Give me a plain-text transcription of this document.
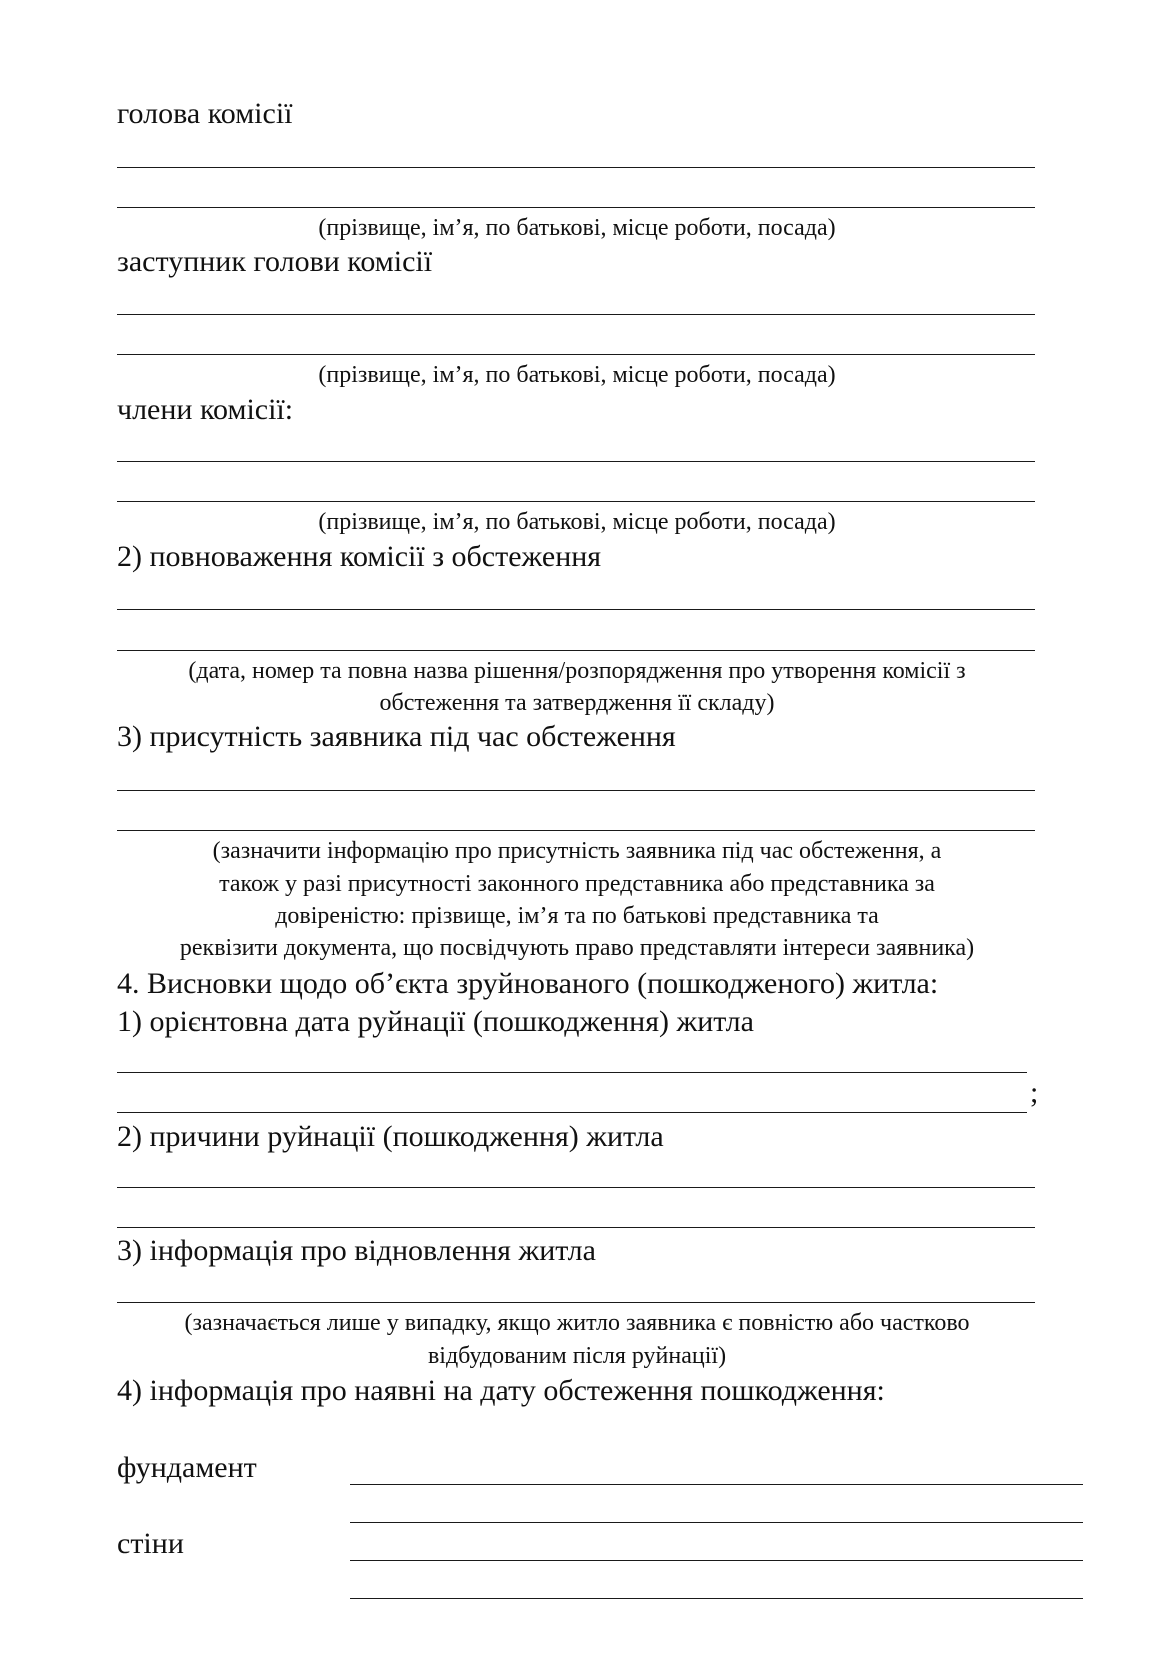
голова комісії
(прізвище, ім’я, по батькові, місце роботи, посада)
заступник голови комісії
(прізвище, ім’я, по батькові, місце роботи, посада)
члени комісії:
(прізвище, ім’я, по батькові, місце роботи, посада)
2) повноваження комісії з обстеження
(дата, номер та повна назва рішення/розпорядження про утворення комісії з
обстеження та затвердження її складу)
3) присутність заявника під час обстеження
(зазначити інформацію про присутність заявника під час обстеження, а
також у разі присутності законного представника або представника за
довіреністю: прізвище, ім’я та по батькові представника та
реквізити документа, що посвідчують право представляти інтереси заявника)
4. Висновки щодо об’єкта зруйнованого (пошкодженого) житла:
1) орієнтовна дата руйнації (пошкодження) житла
;
2) причини руйнації (пошкодження) житла
3) інформація про відновлення житла
(зазначається лише у випадку, якщо житло заявника є повністю або частково
відбудованим після руйнації)
4) інформація про наявні на дату обстеження пошкодження:
фундамент
стіни
